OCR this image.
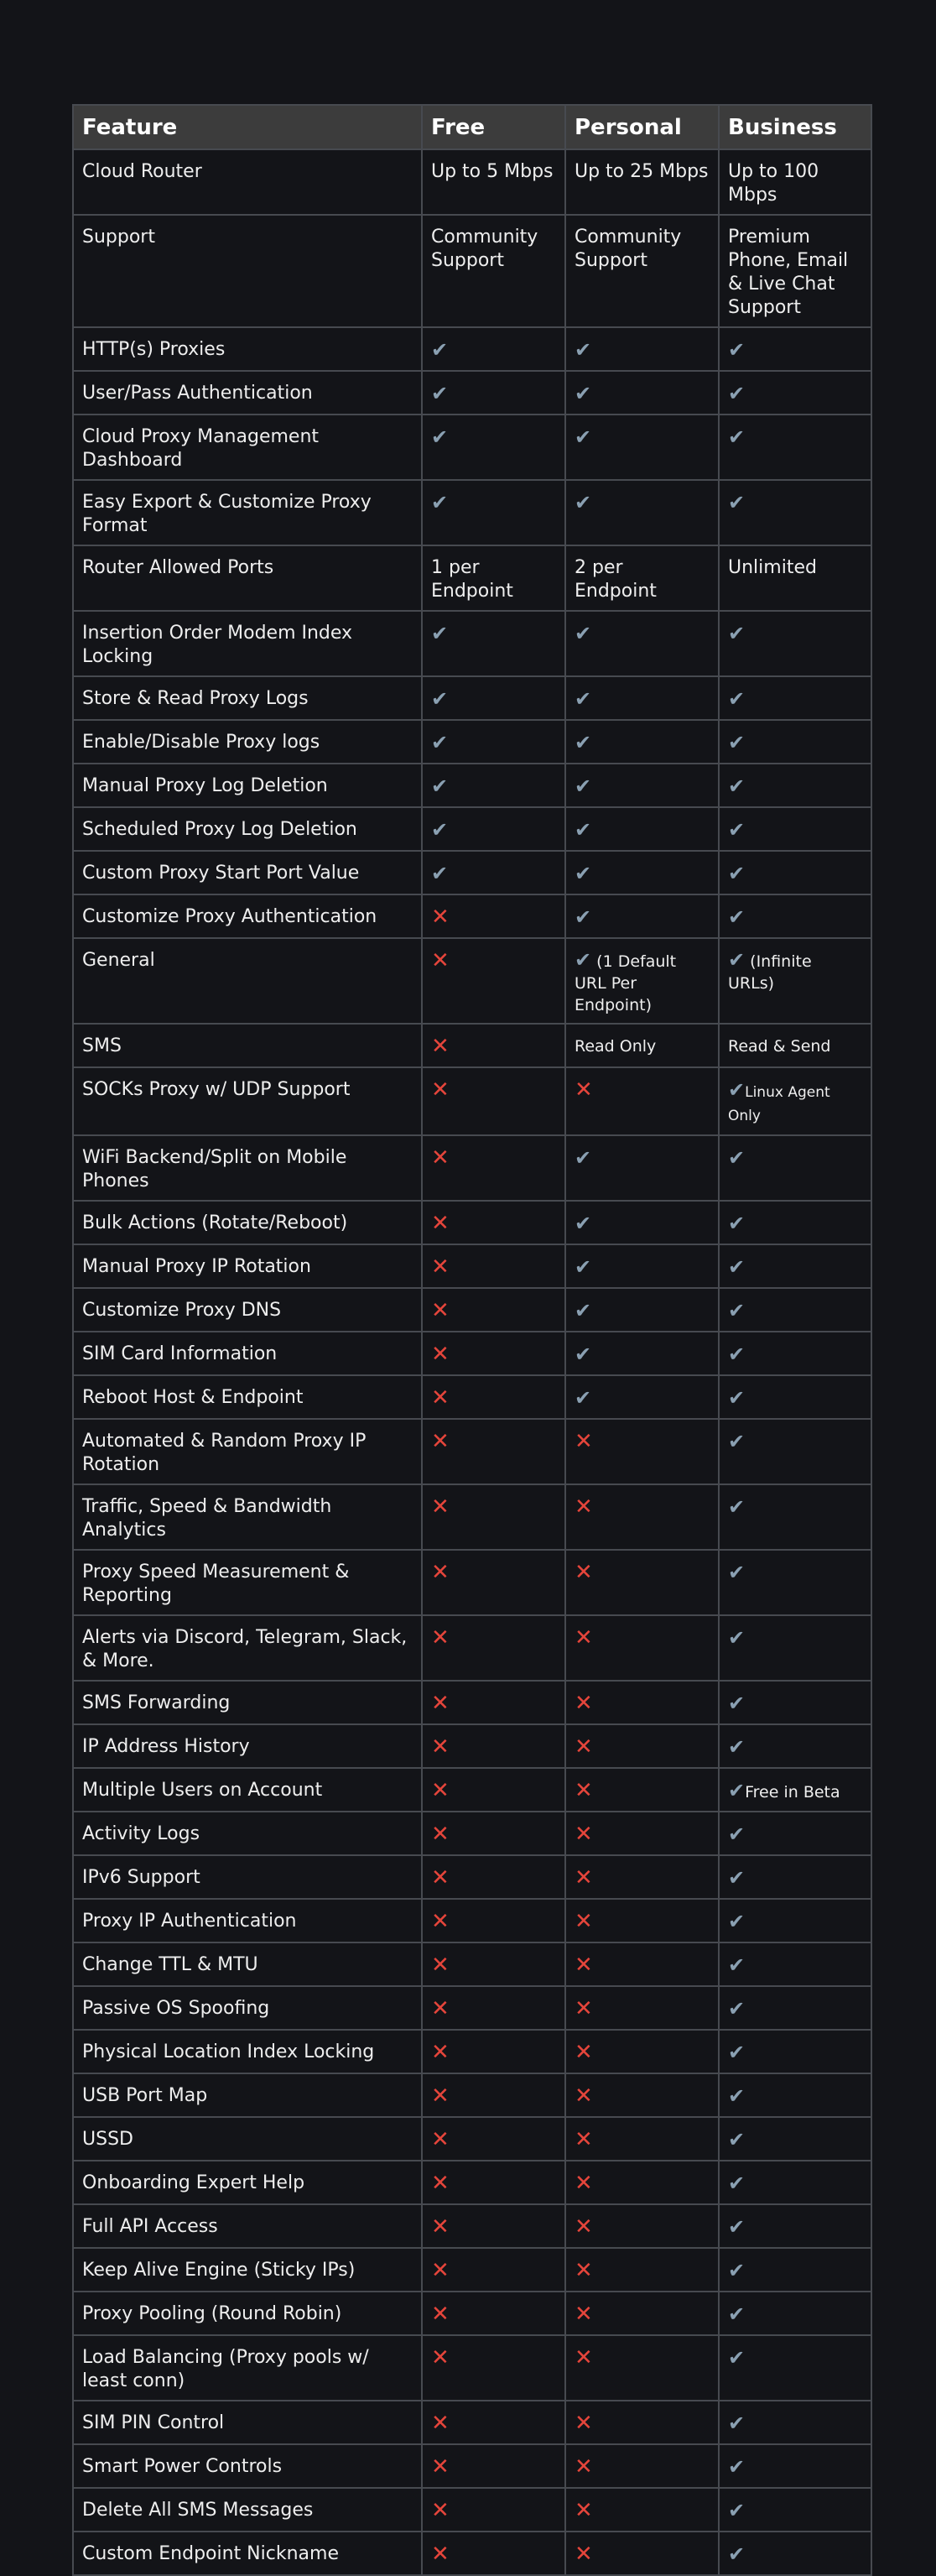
Feature	Free	Personal	Business
Cloud Router	Up to 5 Mbps	Up to 25 Mbps	Up to 100 Mbps
Support	Community Support	Community Support	Premium Phone, Email & Live Chat Support
HTTP(s) Proxies	✔	✔	✔
User/Pass Authentication	✔	✔	✔
Cloud Proxy Management Dashboard	✔	✔	✔
Easy Export & Customize Proxy Format	✔	✔	✔
Router Allowed Ports	1 per Endpoint	2 per Endpoint	Unlimited
Insertion Order Modem Index Locking	✔	✔	✔
Store & Read Proxy Logs	✔	✔	✔
Enable/Disable Proxy logs	✔	✔	✔
Manual Proxy Log Deletion	✔	✔	✔
Scheduled Proxy Log Deletion	✔	✔	✔
Custom Proxy Start Port Value	✔	✔	✔
Customize Proxy Authentication	✕	✔	✔
General	✕	✔ (1 Default URL Per Endpoint)	✔ (Infinite URLs)
SMS	✕	Read Only	Read & Send
SOCKs Proxy w/ UDP Support	✕	✕	✔Linux Agent Only
WiFi Backend/Split on Mobile Phones	✕	✔	✔
Bulk Actions (Rotate/Reboot)	✕	✔	✔
Manual Proxy IP Rotation	✕	✔	✔
Customize Proxy DNS	✕	✔	✔
SIM Card Information	✕	✔	✔
Reboot Host & Endpoint	✕	✔	✔
Automated & Random Proxy IP Rotation	✕	✕	✔
Traffic, Speed & Bandwidth Analytics	✕	✕	✔
Proxy Speed Measurement & Reporting	✕	✕	✔
Alerts via Discord, Telegram, Slack, & More.	✕	✕	✔
SMS Forwarding	✕	✕	✔
IP Address History	✕	✕	✔
Multiple Users on Account	✕	✕	✔Free in Beta
Activity Logs	✕	✕	✔
IPv6 Support	✕	✕	✔
Proxy IP Authentication	✕	✕	✔
Change TTL & MTU	✕	✕	✔
Passive OS Spoofing	✕	✕	✔
Physical Location Index Locking	✕	✕	✔
USB Port Map	✕	✕	✔
USSD	✕	✕	✔
Onboarding Expert Help	✕	✕	✔
Full API Access	✕	✕	✔
Keep Alive Engine (Sticky IPs)	✕	✕	✔
Proxy Pooling (Round Robin)	✕	✕	✔
Load Balancing (Proxy pools w/ least conn)	✕	✕	✔
SIM PIN Control	✕	✕	✔
Smart Power Controls	✕	✕	✔
Delete All SMS Messages	✕	✕	✔
Custom Endpoint Nickname	✕	✕	✔
